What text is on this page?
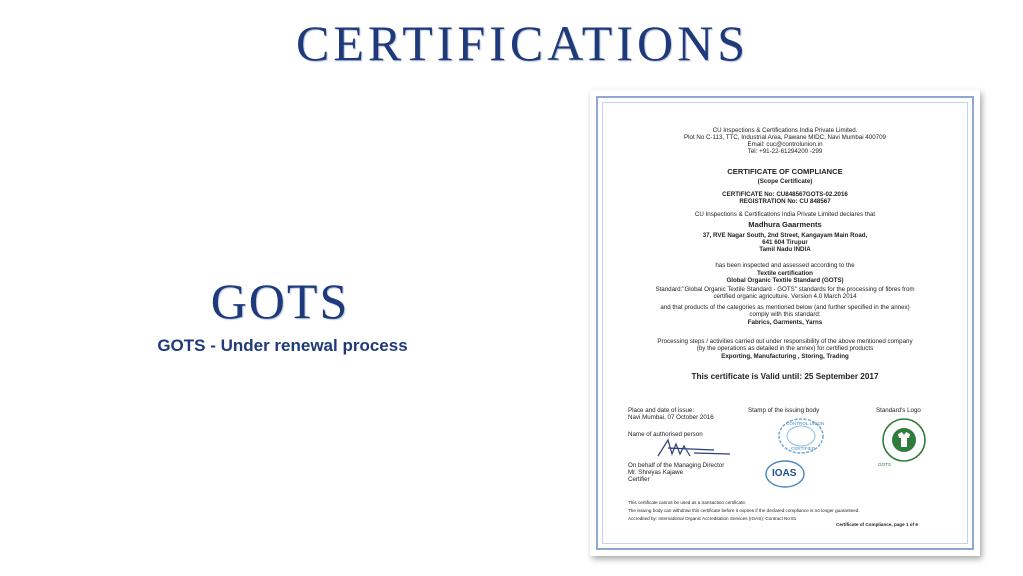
CERTIFICATIONS
GOTS
GOTS - Under renewal process
CU Inspections & Certifications India Private Limited.
Plot No C-113, TTC, Industrial Area, Pawane MIDC, Navi Mumbai 400709
Email: cuc@controlunion.in
Tel: +91-22-61294200 -299
CERTIFICATE OF COMPLIANCE
(Scope Certificate)
CERTIFICATE No: CU848567GOTS-02.2016
REGISTRATION No: CU 848567
CU Inspections & Certifications India Private Limited declares that
Madhura Gaarments
37, RVE Nagar South, 2nd Street, Kangayam Main Road,
641 604 Tirupur
Tamil Nadu INDIA
has been inspected and assessed according to the
Textile certification
Global Organic Textile Standard (GOTS)
Standard:"Global Organic Textile Standard - GOTS" standards for the processing of fibres from
certified organic agriculture. Version 4.0 March 2014
and that products of the categories as mentioned below (and further specified in the annex)
comply with this standard:
Fabrics, Garments, Yarns
Processing steps / activities carried out under responsibility of the above mentioned company
(by the operations as detailed in the annex) for certified products
Exporting, Manufacturing , Storing, Trading
This certificate is Valid until: 25 September 2017
Place and date of issue:
Navi Mumbai, 07 October 2016
Stamp of the issuing body	Standard's Logo
Name of authorised person
On behalf of the Managing Director
Mr. Shreyas Kajawe
Certifier
CONTROL UNION
CERTIFIED
IOAS
GOTS
This certificate cannot be used as a transaction certificate.
The issuing body can withdraw this certificate before it expires if the declared compliance is no longer guaranteed.
Accredited by: International Organic Accreditation Services (IOAS); Contract No 81
Certificate of Compliance, page 1 of 6
